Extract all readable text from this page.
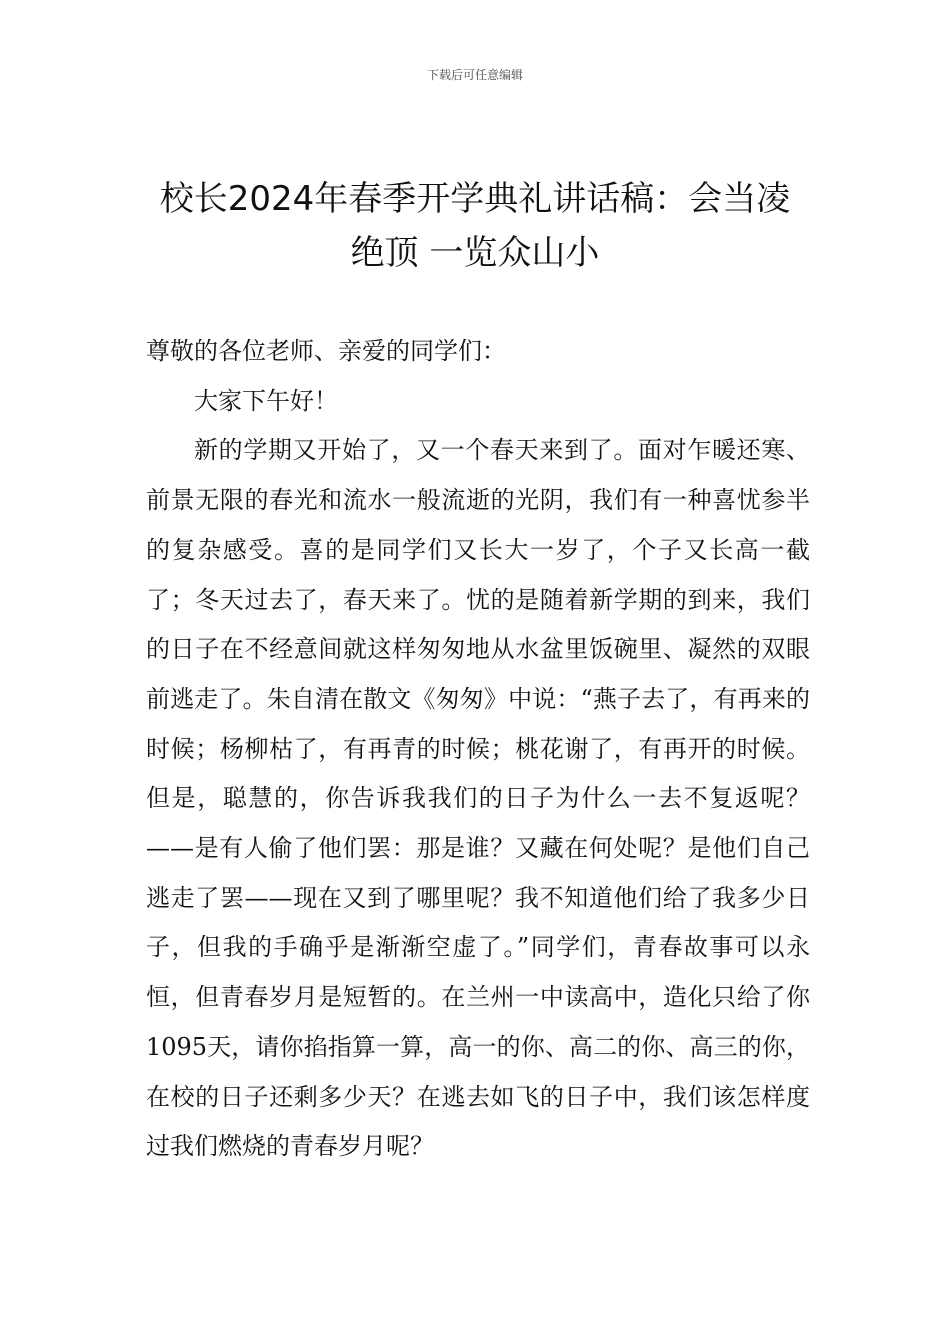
下载后可任意编辑
校长2024年春季开学典礼讲话稿：会当凌
绝顶 一览众山小

尊敬的各位老师、亲爱的同学们：

大家下午好！

新的学期又开始了，又一个春天来到了。面对乍暖还寒、前景无限的春光和流水一般流逝的光阴，我们有一种喜忧参半的复杂感受。喜的是同学们又长大一岁了，个子又长高一截了；冬天过去了，春天来了。忧的是随着新学期的到来，我们的日子在不经意间就这样匆匆地从水盆里饭碗里、凝然的双眼前逃走了。朱自清在散文《匆匆》中说：“燕子去了，有再来的时候；杨柳枯了，有再青的时候；桃花谢了，有再开的时候。但是，聪慧的，你告诉我我们的日子为什么一去不复返呢？ ——是有人偷了他们罢：那是谁？又藏在何处呢？是他们自己逃走了罢——现在又到了哪里呢？我不知道他们给了我多少日子，但我的手确乎是渐渐空虚了。”同学们，青春故事可以永恒，但青春岁月是短暂的。在兰州一中读高中，造化只给了你1095天，请你掐指算一算，高一的你、高二的你、高三的你，在校的日子还剩多少天？在逃去如飞的日子中，我们该怎样度过我们燃烧的青春岁月呢？
